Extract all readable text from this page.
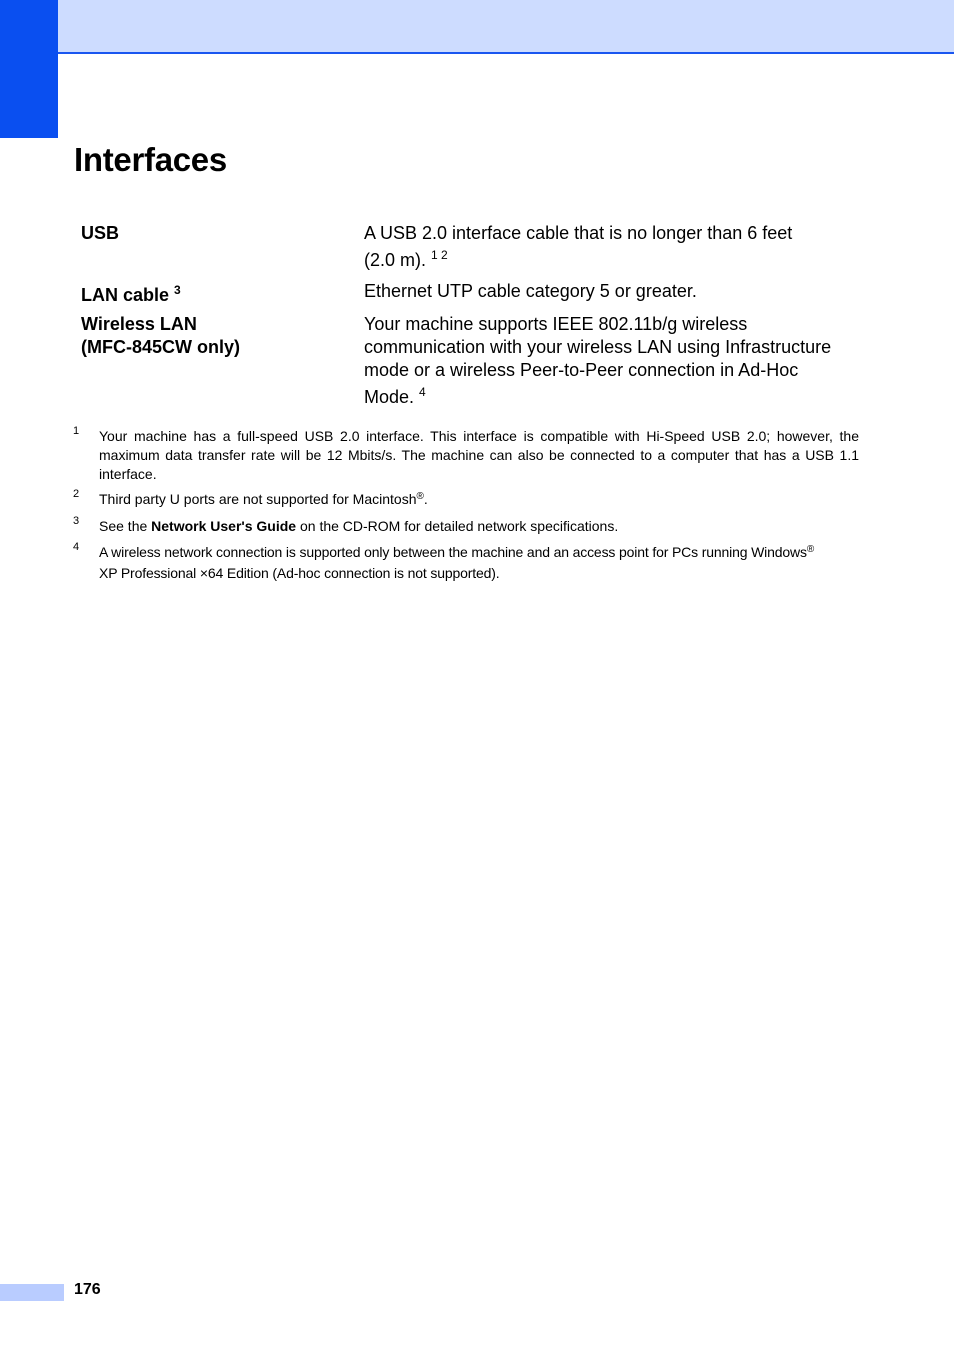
Interfaces
USB	A USB 2.0 interface cable that is no longer than 6 feet
(2.0 m). $^{1 2}$
LAN cable $^3$	Ethernet UTP cable category 5 or greater.
Wireless LAN
(MFC-845CW only)
Your machine supports IEEE 802.11b/g wireless
communication with your wireless LAN using Infrastructure
mode or a wireless Peer-to-Peer connection in Ad-Hoc
Mode. $^4$
1 Your machine has a full-speed USB 2.0 interface. This interface is compatible with Hi-Speed USB 2.0; however, the maximum data transfer rate will be 12 Mbits/s. The machine can also be connected to a computer that has a USB 1.1 interface.
2 Third party U ports are not supported for Macintosh®.
3 See the Network User's Guide on the CD-ROM for detailed network specifications.
4 A wireless network connection is supported only between the machine and an access point for PCs running Windows®
XP Professional ×64 Edition (Ad-hoc connection is not supported).
176
